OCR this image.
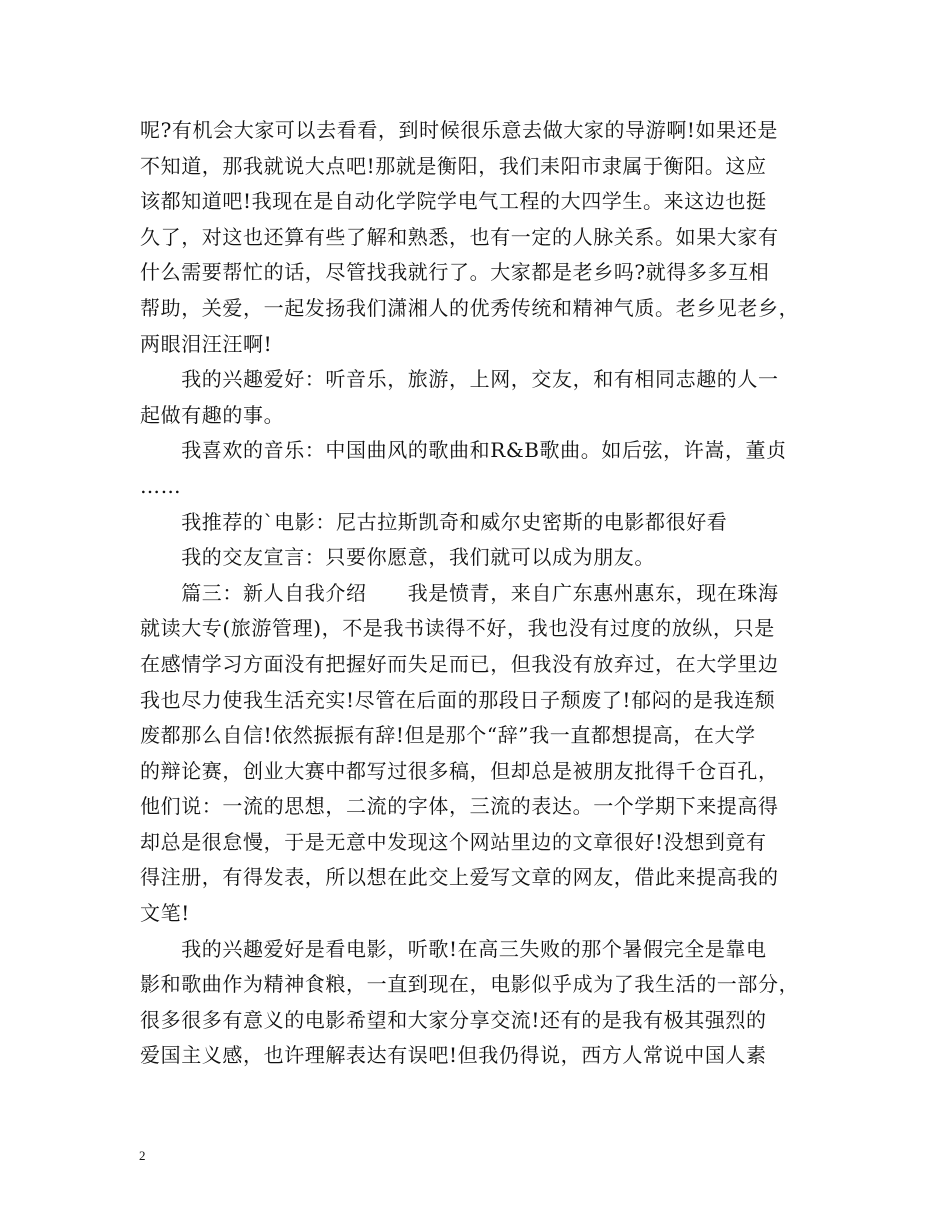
呢?有机会大家可以去看看，到时候很乐意去做大家的导游啊!如果还是
不知道，那我就说大点吧!那就是衡阳，我们耒阳市隶属于衡阳。这应
该都知道吧!我现在是自动化学院学电气工程的大四学生。来这边也挺
久了，对这也还算有些了解和熟悉，也有一定的人脉关系。如果大家有
什么需要帮忙的话，尽管找我就行了。大家都是老乡吗?就得多多互相
帮助，关爱，一起发扬我们潇湘人的优秀传统和精神气质。老乡见老乡，
两眼泪汪汪啊!
　　我的兴趣爱好：听音乐，旅游，上网，交友，和有相同志趣的人一
起做有趣的事。
　　我喜欢的音乐：中国曲风的歌曲和R&B歌曲。如后弦，许嵩，董贞
……
　　我推荐的`电影：尼古拉斯凯奇和威尔史密斯的电影都很好看
　　我的交友宣言：只要你愿意，我们就可以成为朋友。
　　篇三：新人自我介绍　　我是愤青，来自广东惠州惠东，现在珠海
就读大专(旅游管理)，不是我书读得不好，我也没有过度的放纵，只是
在感情学习方面没有把握好而失足而已，但我没有放弃过，在大学里边
我也尽力使我生活充实!尽管在后面的那段日子颓废了!郁闷的是我连颓
废都那么自信!依然振振有辞!但是那个“辞”我一直都想提高，在大学
的辩论赛，创业大赛中都写过很多稿，但却总是被朋友批得千仓百孔，
他们说：一流的思想，二流的字体，三流的表达。一个学期下来提高得
却总是很怠慢，于是无意中发现这个网站里边的文章很好!没想到竟有
得注册，有得发表，所以想在此交上爱写文章的网友，借此来提高我的
文笔!
　　我的兴趣爱好是看电影，听歌!在高三失败的那个暑假完全是靠电
影和歌曲作为精神食粮，一直到现在，电影似乎成为了我生活的一部分，
很多很多有意义的电影希望和大家分享交流!还有的是我有极其强烈的
爱国主义感，也许理解表达有误吧!但我仍得说，西方人常说中国人素
2
